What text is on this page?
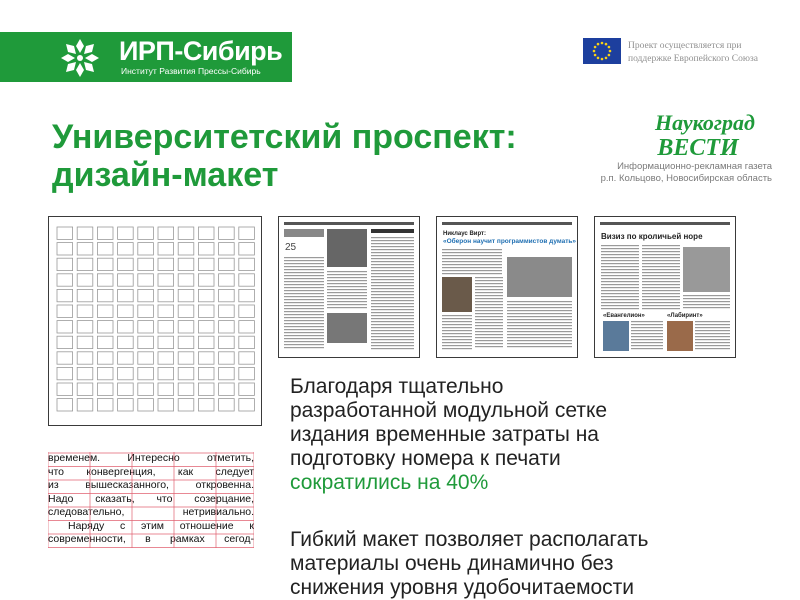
ИРП-Сибирь
Институт Развития Прессы-Сибирь
Проект осуществляется при
поддержке Европейского Союза
Университетский проспект:
дизайн-макет
Наукоград
ВЕСТИ
Информационно-рекламная газета
р.п. Кольцово, Новосибирская область
25
Никлаус Вирт:
«Оберон научит программистов думать»
Визиз по кроличьей норе
«Евангелион»	«Лабиринт»
временем. Интересно отметить,
что конвергенция, как следует
из вышесказанного, откровенна.
Надо сказать, что созерцание,
следовательно, нетривиально.
Наряду с этим отношение к
современности, в рамках сегод-
Благодаря тщательно
разработанной модульной сетке
издания временные затраты на
подготовку номера к печати
сократились на 40%
Гибкий макет позволяет располагать
материалы очень динамично без
снижения уровня удобочитаемости
